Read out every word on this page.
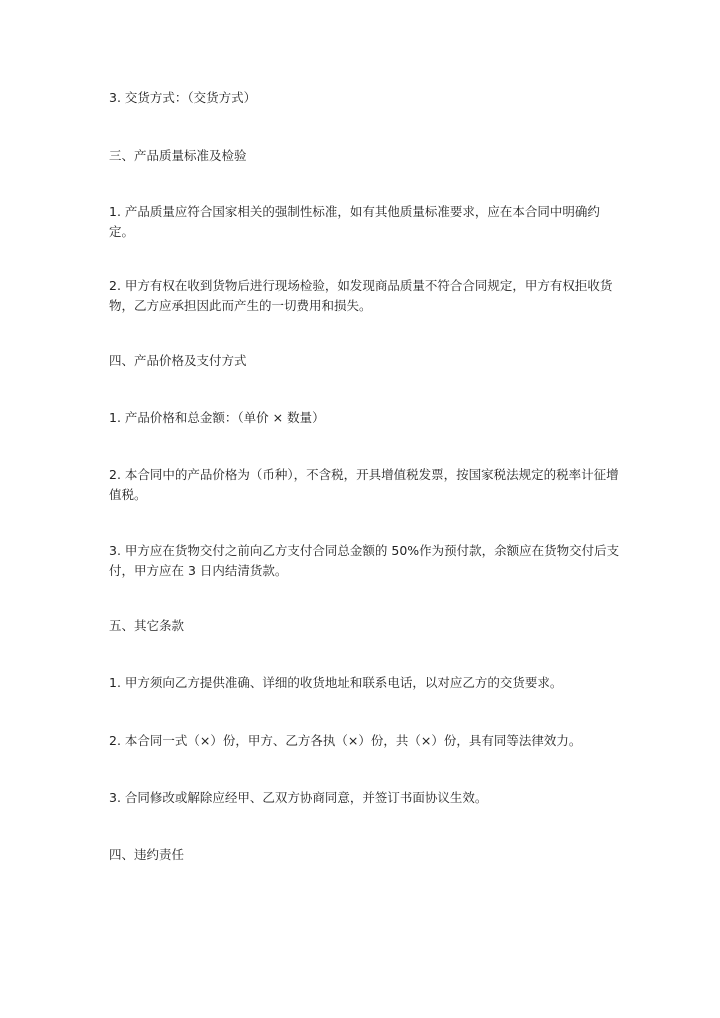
3. 交货方式：（交货方式）

三、产品质量标准及检验

1. 产品质量应符合国家相关的强制性标准，如有其他质量标准要求，应在本合同中明确约定。

2. 甲方有权在收到货物后进行现场检验，如发现商品质量不符合合同规定，甲方有权拒收货物，乙方应承担因此而产生的一切费用和损失。

四、产品价格及支付方式

1. 产品价格和总金额：（单价 × 数量）

2. 本合同中的产品价格为（币种），不含税，开具增值税发票，按国家税法规定的税率计征增值税。

3. 甲方应在货物交付之前向乙方支付合同总金额的 50%作为预付款，余额应在货物交付后支付，甲方应在 3 日内结清货款。

五、其它条款

1. 甲方须向乙方提供准确、详细的收货地址和联系电话，以对应乙方的交货要求。

2. 本合同一式（×）份，甲方、乙方各执（×）份，共（×）份，具有同等法律效力。

3. 合同修改或解除应经甲、乙双方协商同意，并签订书面协议生效。

四、违约责任
